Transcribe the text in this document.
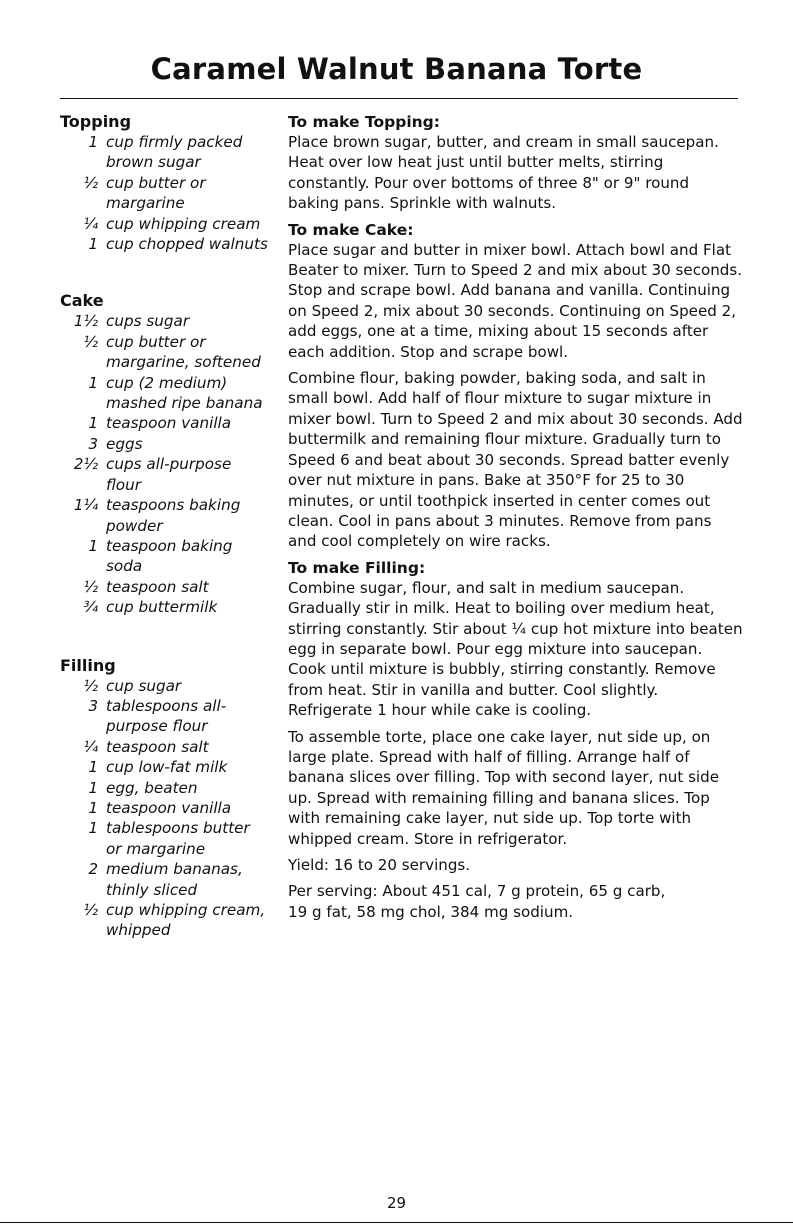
Caramel Walnut Banana Torte
Topping
1 cup firmly packed brown sugar
½ cup butter or margarine
¼ cup whipping cream
1 cup chopped walnuts
Cake
1½ cups sugar
½ cup butter or margarine, softened
1 cup (2 medium) mashed ripe banana
1 teaspoon vanilla
3 eggs
2½ cups all-purpose flour
1¼ teaspoons baking powder
1 teaspoon baking soda
½ teaspoon salt
¾ cup buttermilk
Filling
½ cup sugar
3 tablespoons all-purpose flour
¼ teaspoon salt
1 cup low-fat milk
1 egg, beaten
1 teaspoon vanilla
1 tablespoons butter or margarine
2 medium bananas, thinly sliced
½ cup whipping cream, whipped
To make Topping:

Place brown sugar, butter, and cream in small saucepan. Heat over low heat just until butter melts, stirring constantly. Pour over bottoms of three 8" or 9" round baking pans. Sprinkle with walnuts.

To make Cake:

Place sugar and butter in mixer bowl. Attach bowl and Flat Beater to mixer. Turn to Speed 2 and mix about 30 seconds. Stop and scrape bowl. Add banana and vanilla. Continuing on Speed 2, mix about 30 seconds. Continuing on Speed 2, add eggs, one at a time, mixing about 15 seconds after each addition. Stop and scrape bowl.

Combine flour, baking powder, baking soda, and salt in small bowl. Add half of flour mixture to sugar mixture in mixer bowl. Turn to Speed 2 and mix about 30 seconds. Add buttermilk and remaining flour mixture. Gradually turn to Speed 6 and beat about 30 seconds. Spread batter evenly over nut mixture in pans. Bake at 350°F for 25 to 30 minutes, or until toothpick inserted in center comes out clean. Cool in pans about 3 minutes. Remove from pans and cool completely on wire racks.

To make Filling:

Combine sugar, flour, and salt in medium saucepan. Gradually stir in milk. Heat to boiling over medium heat, stirring constantly. Stir about ¼ cup hot mixture into beaten egg in separate bowl. Pour egg mixture into saucepan. Cook until mixture is bubbly, stirring constantly. Remove from heat. Stir in vanilla and butter. Cool slightly. Refrigerate 1 hour while cake is cooling.

To assemble torte, place one cake layer, nut side up, on large plate. Spread with half of filling. Arrange half of banana slices over filling. Top with second layer, nut side up. Spread with remaining filling and banana slices. Top with remaining cake layer, nut side up. Top torte with whipped cream. Store in refrigerator.

Yield: 16 to 20 servings.

Per serving: About 451 cal, 7 g protein, 65 g carb,
19 g fat, 58 mg chol, 384 mg sodium.

29
